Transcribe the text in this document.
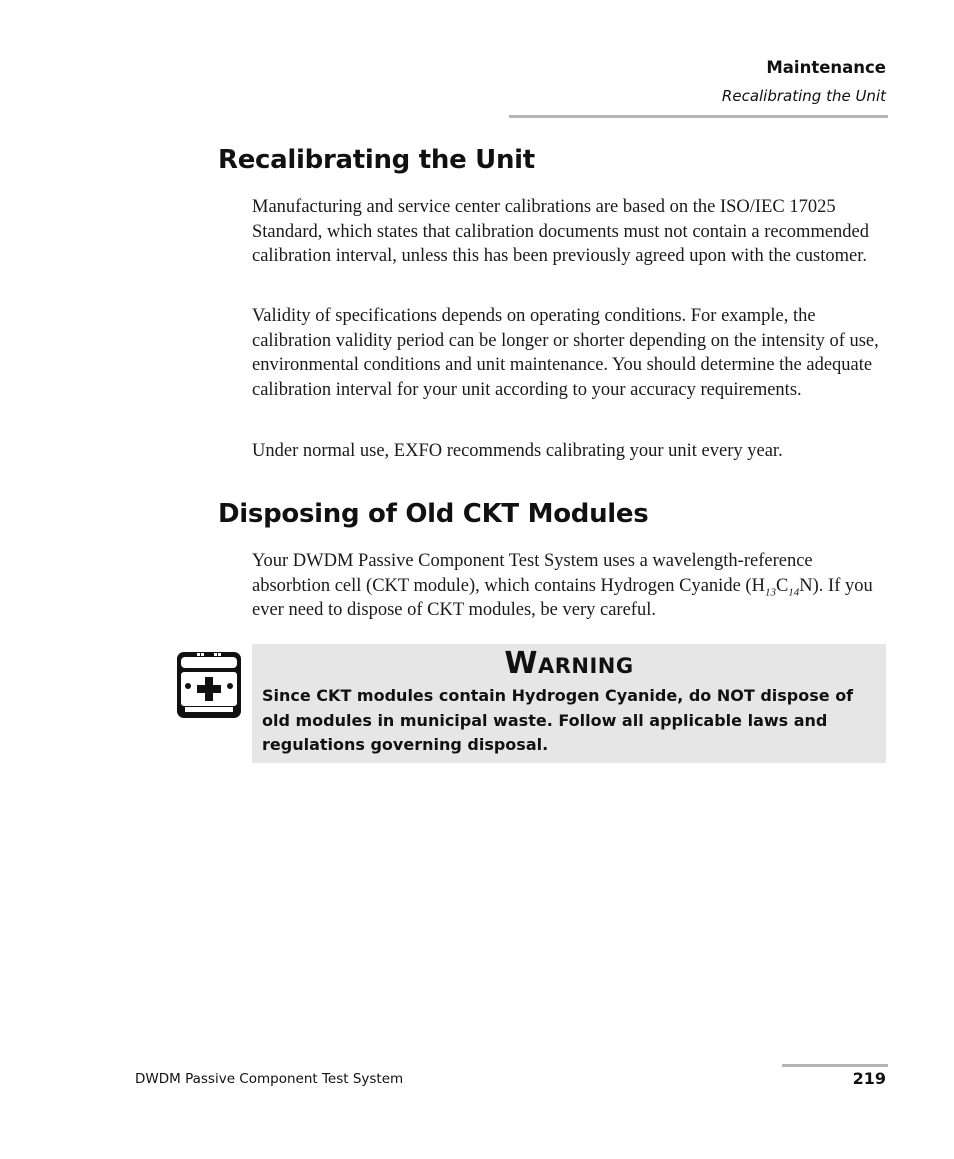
Maintenance
Recalibrating the Unit
Recalibrating the Unit

Manufacturing and service center calibrations are based on the ISO/IEC 17025 Standard, which states that calibration documents must not contain a recommended calibration interval, unless this has been previously agreed upon with the customer.

Validity of specifications depends on operating conditions. For example, the calibration validity period can be longer or shorter depending on the intensity of use, environmental conditions and unit maintenance. You should determine the adequate calibration interval for your unit according to your accuracy requirements.

Under normal use, EXFO recommends calibrating your unit every year.

Disposing of Old CKT Modules

Your DWDM Passive Component Test System uses a wavelength-reference absorbtion cell (CKT module), which contains Hydrogen Cyanide $(H_{13}C_{14}N)$. If you ever need to dispose of CKT modules, be very careful.

Warning
Since CKT modules contain Hydrogen Cyanide, do NOT dispose of old modules in municipal waste. Follow all applicable laws and regulations governing disposal.
DWDM Passive Component Test System	219
